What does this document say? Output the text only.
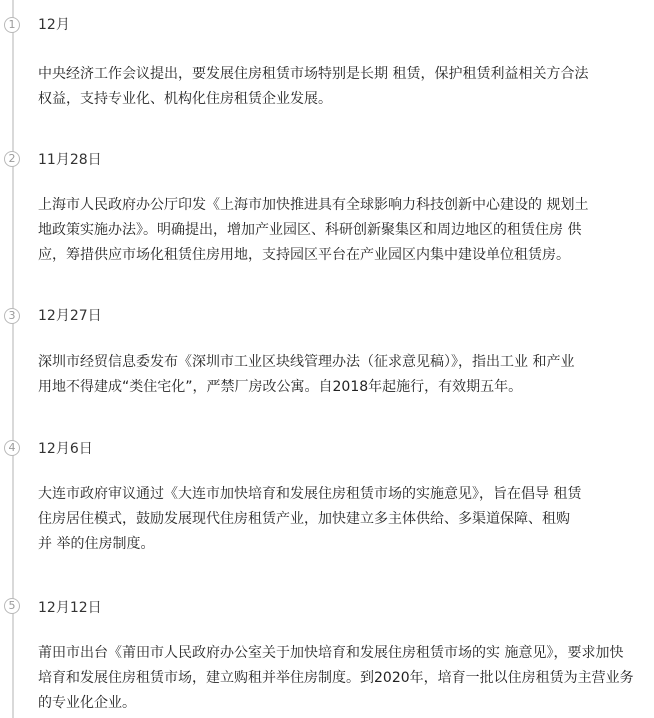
1	12月
中央经济工作会议提出，要发展住房租赁市场特别是长期 租赁，保护租赁利益相关方合法
权益，支持专业化、机构化住房租赁企业发展。
2	11月28日
上海市人民政府办公厅印发《上海市加快推进具有全球影响力科技创新中心建设的 规划土
地政策实施办法》。明确提出，增加产业园区、科研创新聚集区和周边地区的租赁住房 供
应，筹措供应市场化租赁住房用地，支持园区平台在产业园区内集中建设单位租赁房。
3	12月27日
深圳市经贸信息委发布《深圳市工业区块线管理办法（征求意见稿）》，指出工业 和产业
用地不得建成“类住宅化”，严禁厂房改公寓。自2018年起施行，有效期五年。
4	12月6日
大连市政府审议通过《大连市加快培育和发展住房租赁市场的实施意见》，旨在倡导 租赁
住房居住模式，鼓励发展现代住房租赁产业，加快建立多主体供给、多渠道保障、租购
并 举的住房制度。
5	12月12日
莆田市出台《莆田市人民政府办公室关于加快培育和发展住房租赁市场的实 施意见》，要求加快
培育和发展住房租赁市场，建立购租并举住房制度。到2020年，培育一批以住房租赁为主营业务
的专业化企业。
